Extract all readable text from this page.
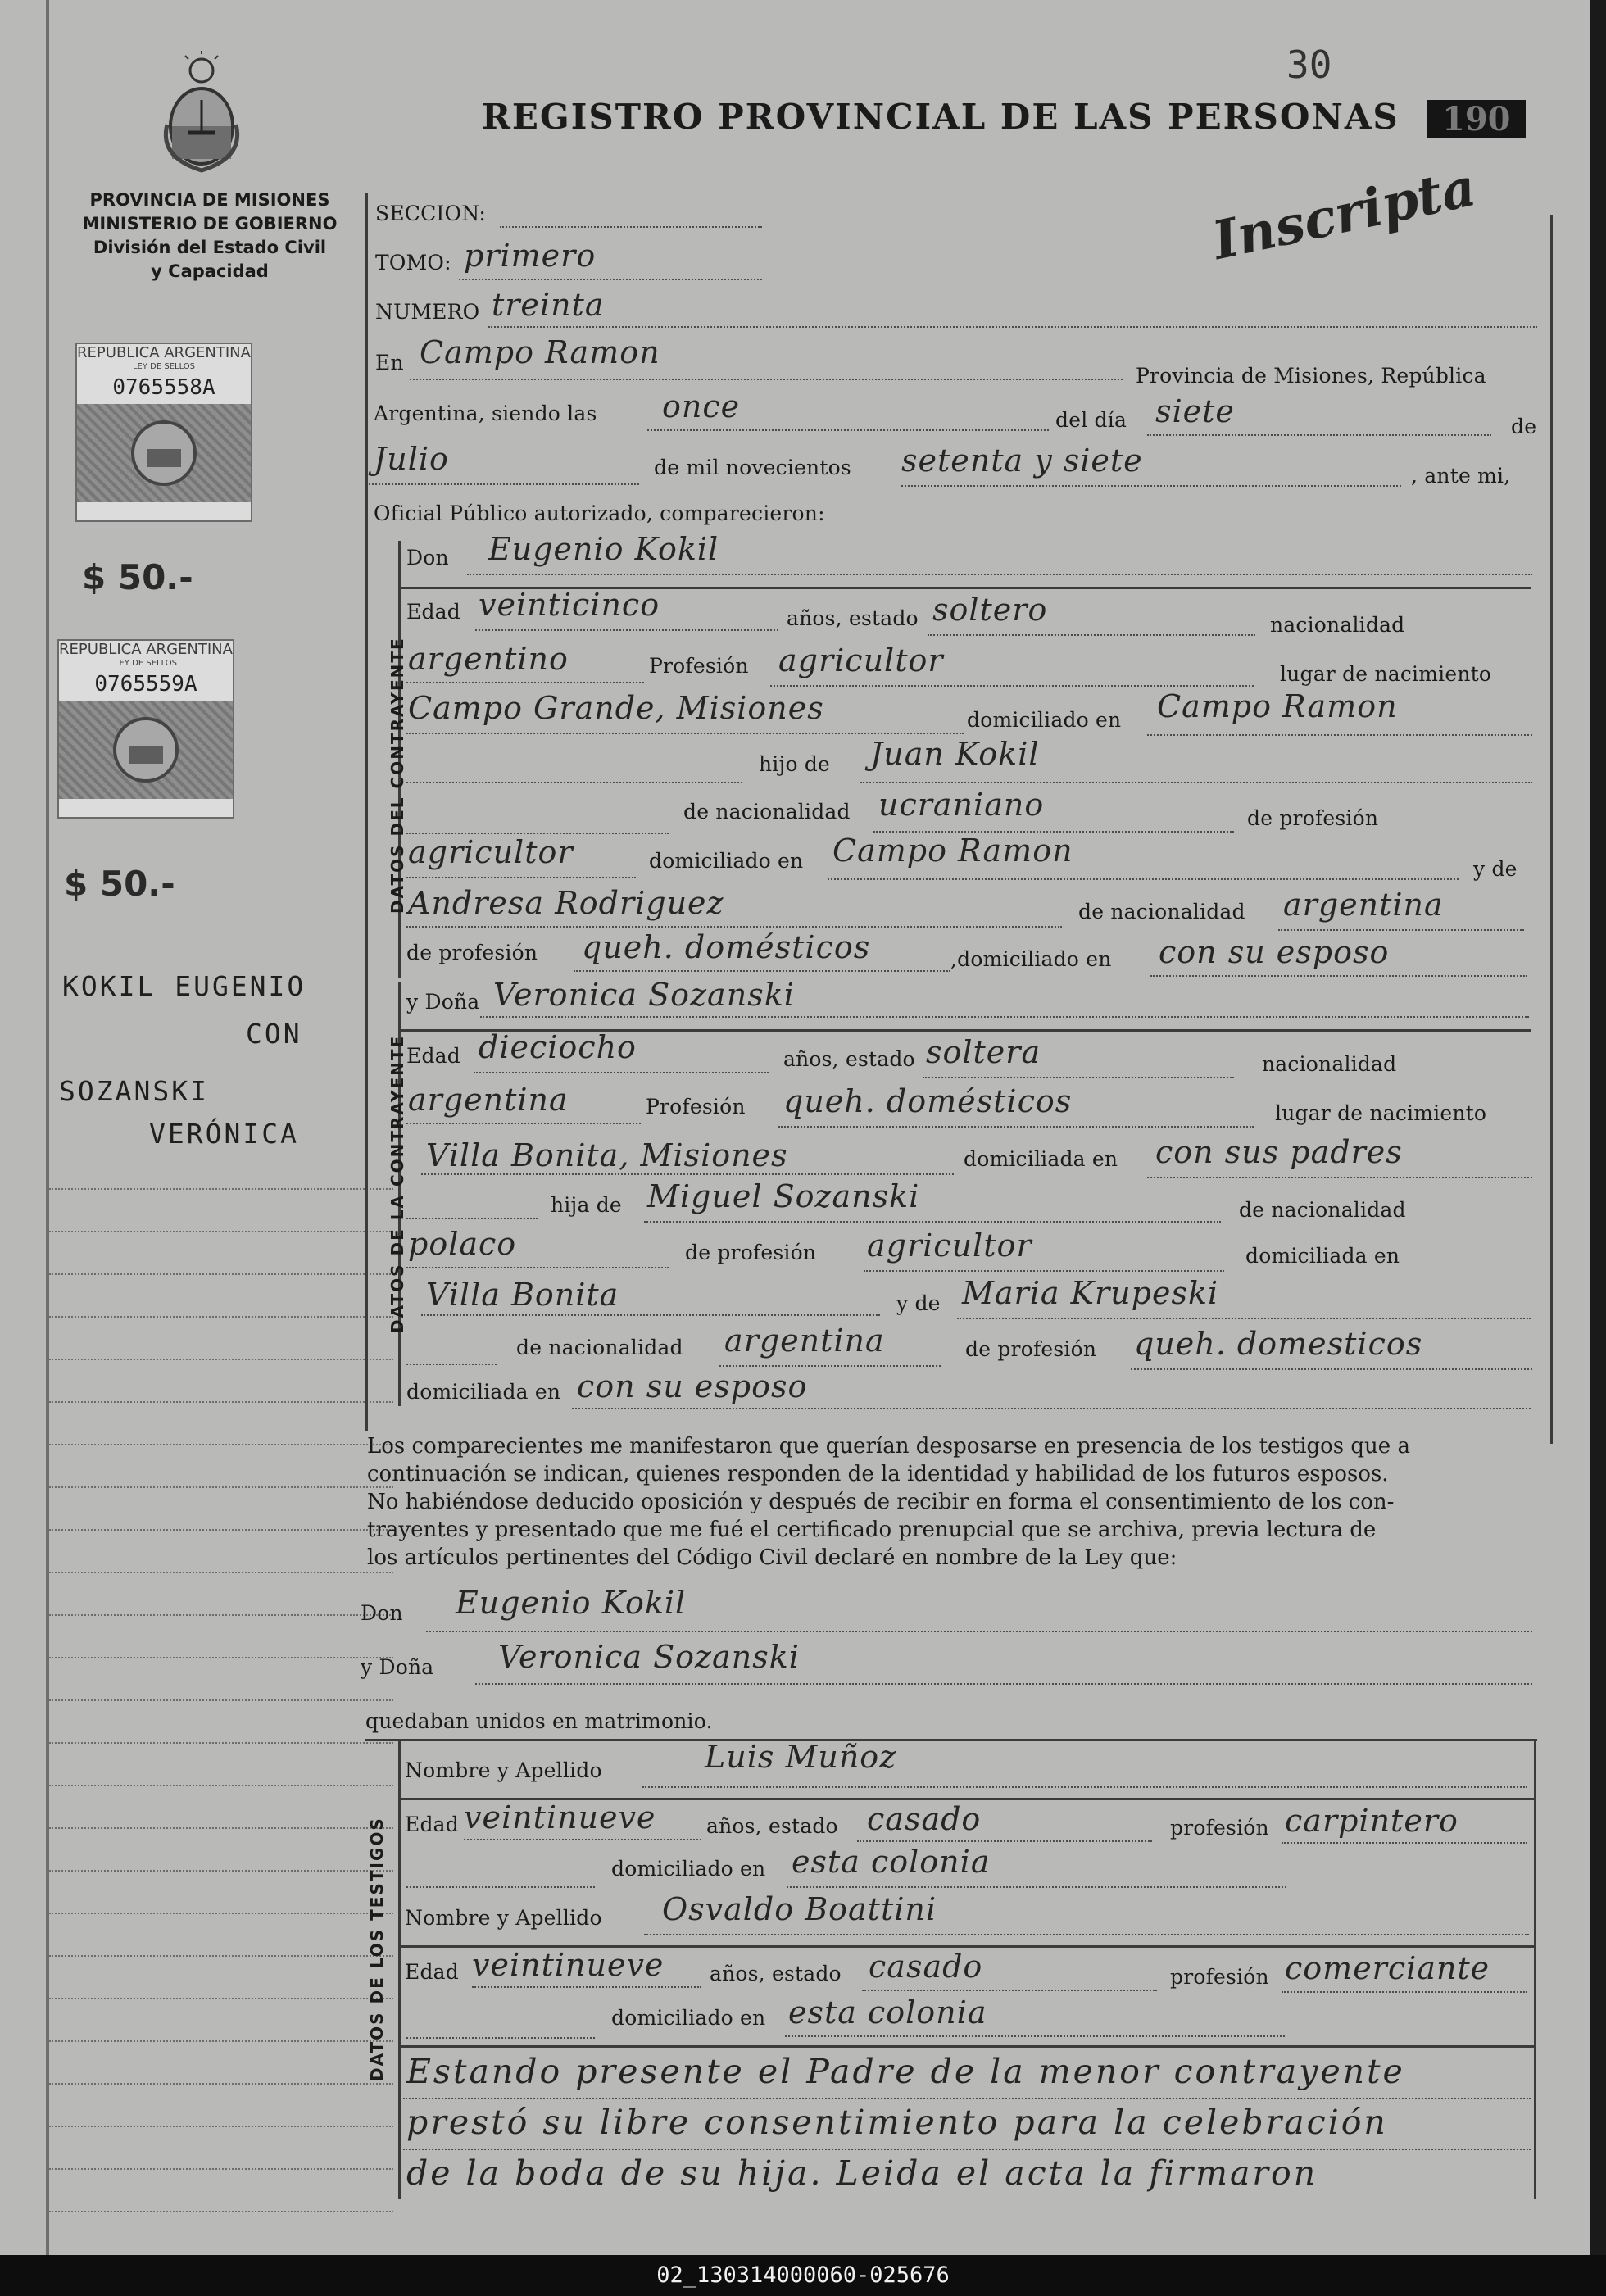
PROVINCIA DE MISIONES
MINISTERIO DE GOBIERNO
División del Estado Civil
y Capacidad
REGISTRO PROVINCIAL DE LAS PERSONAS	190
30
Inscripta
REPUBLICA ARGENTINA
LEY DE SELLOS
0765558A
$ 50.-
REPUBLICA ARGENTINA
LEY DE SELLOS
0765559A
$ 50.-
KOKIL EUGENIO
CON
SOZANSKI
VERÓNICA
SECCION:
TOMO: primero
NUMERO treinta
En Campo Ramon
Provincia de Misiones, República
Argentina, siendo las once	del día siete	de
Julio	de mil novecientos setenta y siete	, ante mi,
Oficial Público autorizado, comparecieron:
DATOS DEL CONTRAYENTE
Don Eugenio Kokil
Edad veinticinco	años, estado soltero	nacionalidad
argentino	Profesión agricultor	lugar de nacimiento
Campo Grande, Misiones	domiciliado en Campo Ramon
hijo de Juan Kokil
de nacionalidad ucraniano	de profesión
agricultor	domiciliado en Campo Ramon
y de
Andresa Rodriguez	de nacionalidad argentina
de profesión queh. domésticos	,domiciliado en con su esposo
DATOS DE LA CONTRAYENTE
y Doña Veronica Sozanski
Edad dieciocho	años, estado soltera	nacionalidad
argentina	Profesión queh. domésticos	lugar de nacimiento
Villa Bonita, Misiones	domiciliada en con sus padres
hija de Miguel Sozanski	de nacionalidad
polaco	de profesión agricultor	domiciliada en
Villa Bonita	y de Maria Krupeski
de nacionalidad argentina	de profesión queh. domesticos
domiciliada en con su esposo
Los comparecientes me manifestaron que querían desposarse en presencia de los testigos que a
continuación se indican, quienes responden de la identidad y habilidad de los futuros esposos.
No habiéndose deducido oposición y después de recibir en forma el consentimiento de los con-
trayentes y presentado que me fué el certificado prenupcial que se archiva, previa lectura de
los artículos pertinentes del Código Civil declaré en nombre de la Ley que:
Don Eugenio Kokil
y Doña Veronica Sozanski
quedaban unidos en matrimonio.
DATOS DE LOS TESTIGOS
Nombre y Apellido	Luis Muñoz
Edad veintinueve años, estado casado	profesión carpintero
domiciliado en esta colonia
Nombre y Apellido Osvaldo Boattini
Edad veintinueve años, estado casado	profesión comerciante
domiciliado en esta colonia
Estando presente el Padre de la menor contrayente
prestó su libre consentimiento para la celebración
de la boda de su hija. Leida el acta la firmaron
02_130314000060-025676
